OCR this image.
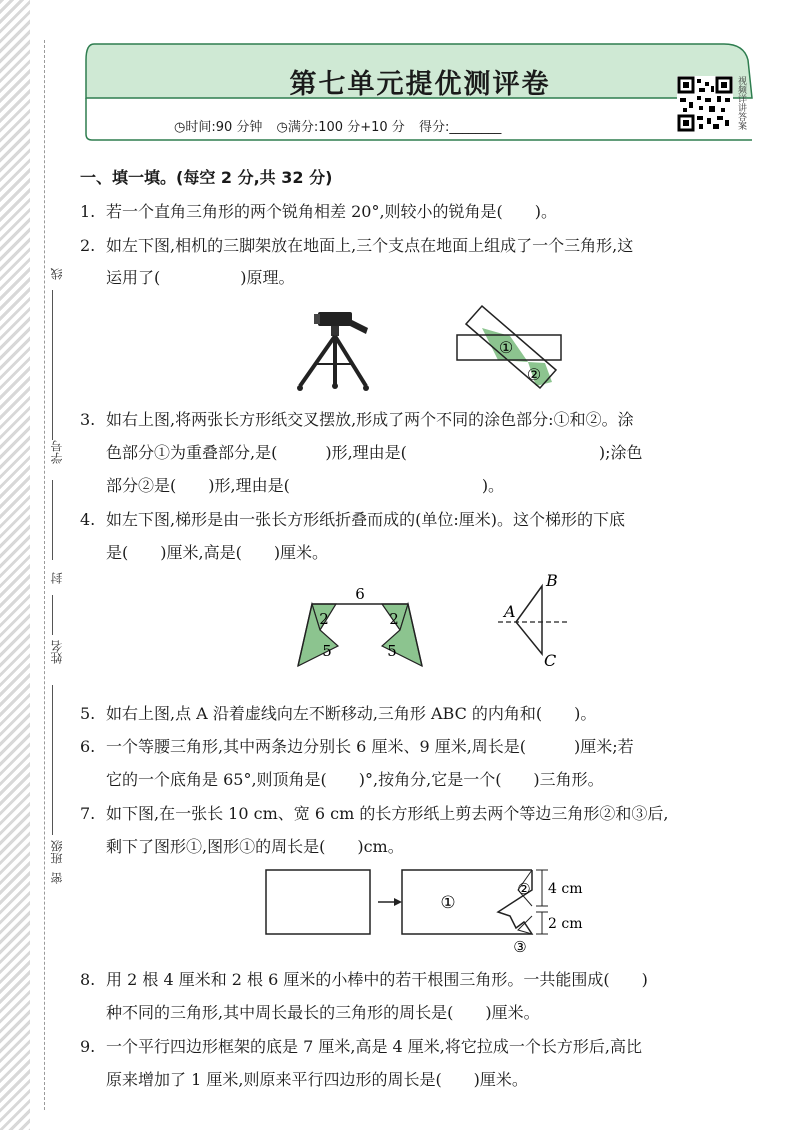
线
学号
封
姓名
班级
密
第七单元提优测评卷
◷时间:90 分钟 ◷满分:100 分+10 分 得分:________	视频详讲答案
一、填一填。(每空 2 分,共 32 分)
1. 若一个直角三角形的两个锐角相差 20°,则较小的锐角是(　　)。
2. 如左下图,相机的三脚架放在地面上,三个支点在地面上组成了一个三角形,这
运用了(　　　　　)原理。
①
②
3. 如右上图,将两张长方形纸交叉摆放,形成了两个不同的涂色部分:①和②。涂
色部分①为重叠部分,是(　　　)形,理由是(　　　　　　　　　　　　);涂色
部分②是(　　)形,理由是(　　　　　　　　　　　　)。
4. 如左下图,梯形是由一张长方形纸折叠而成的(单位:厘米)。这个梯形的下底
是(　　)厘米,高是(　　)厘米。
6
2	2
5	5
B
A
C
5. 如右上图,点 A 沿着虚线向左不断移动,三角形 ABC 的内角和(　　)。
6. 一个等腰三角形,其中两条边分别长 6 厘米、9 厘米,周长是(　　　)厘米;若
它的一个底角是 65°,则顶角是(　　)°,按角分,它是一个(　　)三角形。
7. 如下图,在一张长 10 cm、宽 6 cm 的长方形纸上剪去两个等边三角形②和③后,
剩下了图形①,图形①的周长是(　　)cm。
①
②
③
4 cm
2 cm
8. 用 2 根 4 厘米和 2 根 6 厘米的小棒中的若干根围三角形。一共能围成(　　)
种不同的三角形,其中周长最长的三角形的周长是(　　)厘米。
9. 一个平行四边形框架的底是 7 厘米,高是 4 厘米,将它拉成一个长方形后,高比
原来增加了 1 厘米,则原来平行四边形的周长是(　　)厘米。
